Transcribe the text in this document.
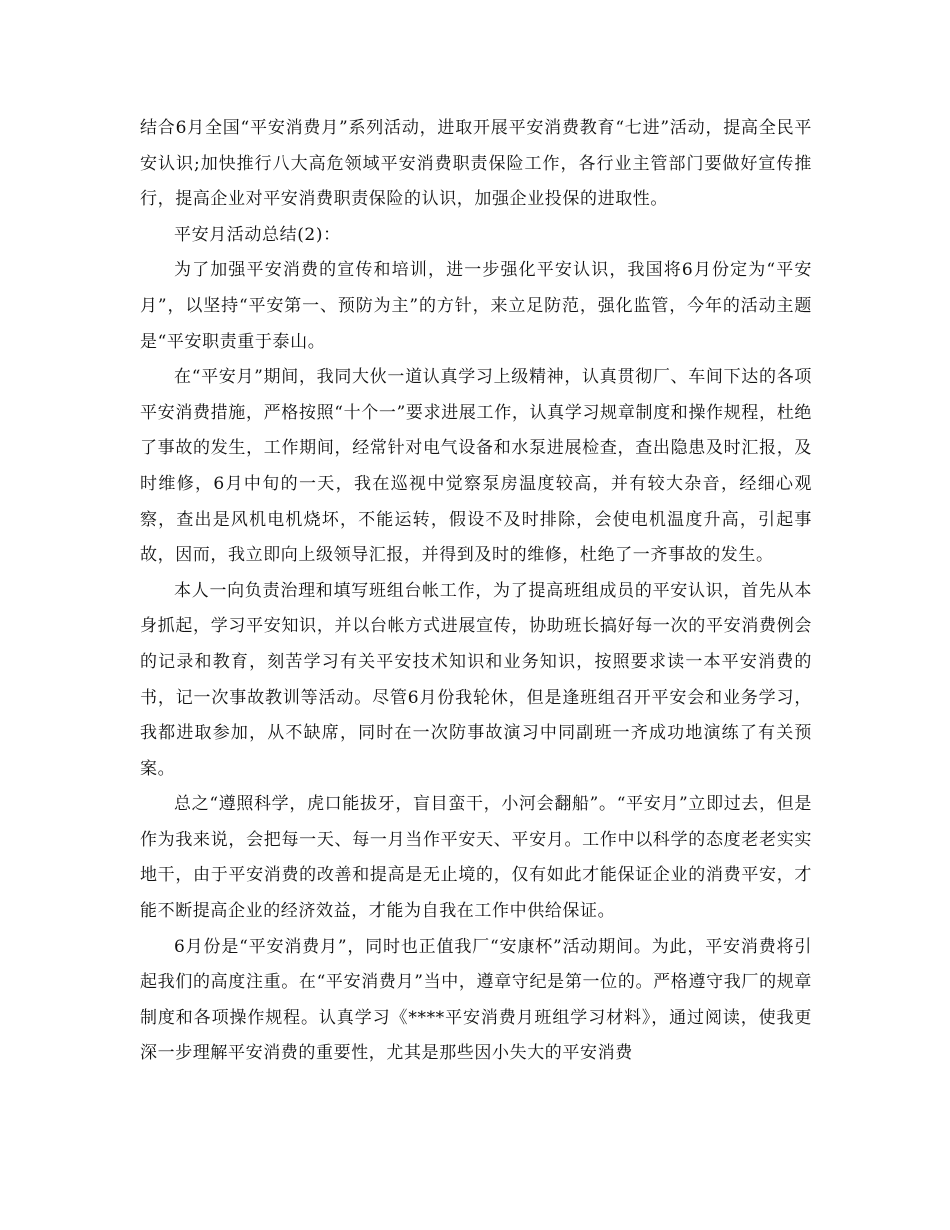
结合6月全国“平安消费月”系列活动，进取开展平安消费教育“七进”活动，提高全民平安认识;加快推行八大高危领域平安消费职责保险工作，各行业主管部门要做好宣传推行，提高企业对平安消费职责保险的认识，加强企业投保的进取性。

平安月活动总结(2)：

为了加强平安消费的宣传和培训，进一步强化平安认识，我国将6月份定为“平安月”，以坚持“平安第一、预防为主”的方针，来立足防范，强化监管，今年的活动主题是“平安职责重于泰山。

在“平安月”期间，我同大伙一道认真学习上级精神，认真贯彻厂、车间下达的各项平安消费措施，严格按照“十个一”要求进展工作，认真学习规章制度和操作规程，杜绝了事故的发生，工作期间，经常针对电气设备和水泵进展检查，查出隐患及时汇报，及时维修，6月中旬的一天，我在巡视中觉察泵房温度较高，并有较大杂音，经细心观察，查出是风机电机烧坏，不能运转，假设不及时排除，会使电机温度升高，引起事故，因而，我立即向上级领导汇报，并得到及时的维修，杜绝了一齐事故的发生。

本人一向负责治理和填写班组台帐工作，为了提高班组成员的平安认识，首先从本身抓起，学习平安知识，并以台帐方式进展宣传，协助班长搞好每一次的平安消费例会的记录和教育，刻苦学习有关平安技术知识和业务知识，按照要求读一本平安消费的书，记一次事故教训等活动。尽管6月份我轮休，但是逢班组召开平安会和业务学习，我都进取参加，从不缺席，同时在一次防事故演习中同副班一齐成功地演练了有关预案。

总之“遵照科学，虎口能拔牙，盲目蛮干，小河会翻船”。“平安月”立即过去，但是作为我来说，会把每一天、每一月当作平安天、平安月。工作中以科学的态度老老实实地干，由于平安消费的改善和提高是无止境的，仅有如此才能保证企业的消费平安，才能不断提高企业的经济效益，才能为自我在工作中供给保证。

6月份是“平安消费月”，同时也正值我厂“安康杯”活动期间。为此，平安消费将引起我们的高度注重。在“平安消费月”当中，遵章守纪是第一位的。严格遵守我厂的规章制度和各项操作规程。认真学习《****平安消费月班组学习材料》，通过阅读，使我更深一步理解平安消费的重要性，尤其是那些因小失大的平安消费
